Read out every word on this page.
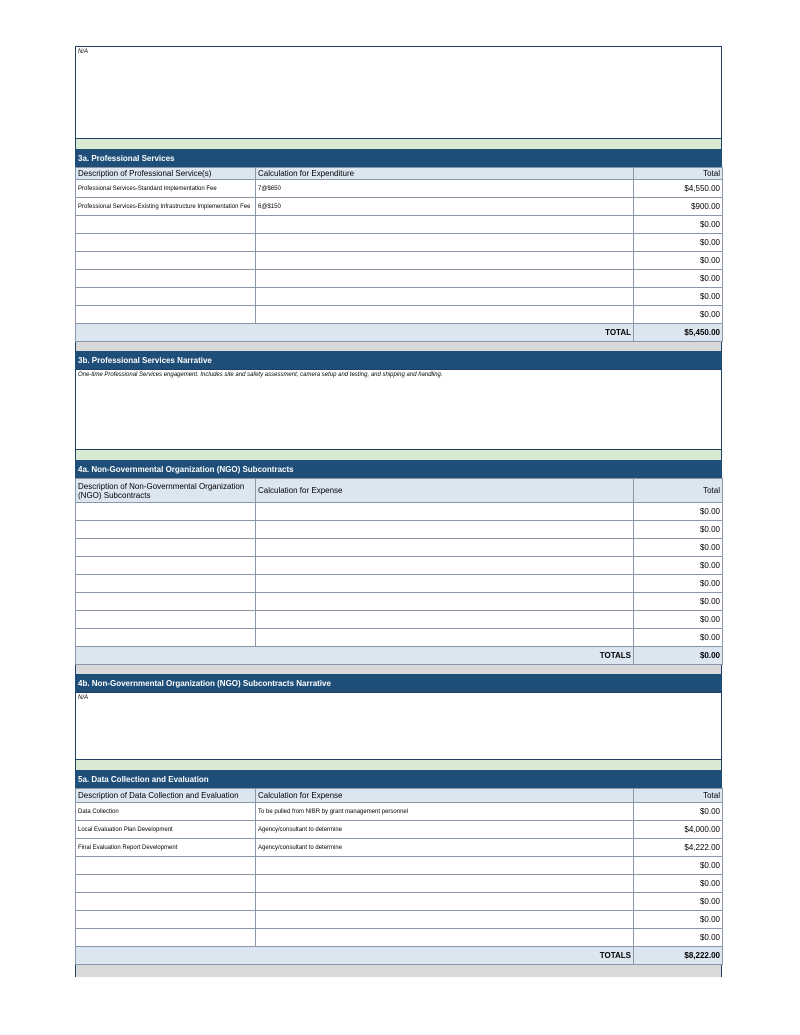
N/A
3a. Professional Services
Description of Professional Service(s)	Calculation for Expenditure	Total
Professional Services-Standard Implementation Fee	7@$650	$4,550.00
Professional Services-Existing Infrastructure Implementation Fee	6@$150	$900.00
		$0.00
		$0.00
		$0.00
		$0.00
		$0.00
		$0.00
	TOTAL	$5,450.00
3b. Professional Services Narrative
One-time Professional Services engagement. Includes site and safety assessment, camera setup and testing, and shipping and handling.
4a. Non-Governmental Organization (NGO) Subcontracts
Description of Non-Governmental Organization (NGO) Subcontracts	Calculation for Expense	Total
		$0.00
		$0.00
		$0.00
		$0.00
		$0.00
		$0.00
		$0.00
		$0.00
	TOTALS	$0.00
4b. Non-Governmental Organization (NGO) Subcontracts Narrative
N/A
5a. Data Collection and Evaluation
Description of Data Collection and Evaluation	Calculation for Expense	Total
Data Collection	To be pulled from NIBR by grant management personnel	$0.00
Local Evaluation Plan Development	Agency/consultant to determine	$4,000.00
Final Evaluation Report Development	Agency/consultant to determine	$4,222.00
		$0.00
		$0.00
		$0.00
		$0.00
		$0.00
	TOTALS	$8,222.00
